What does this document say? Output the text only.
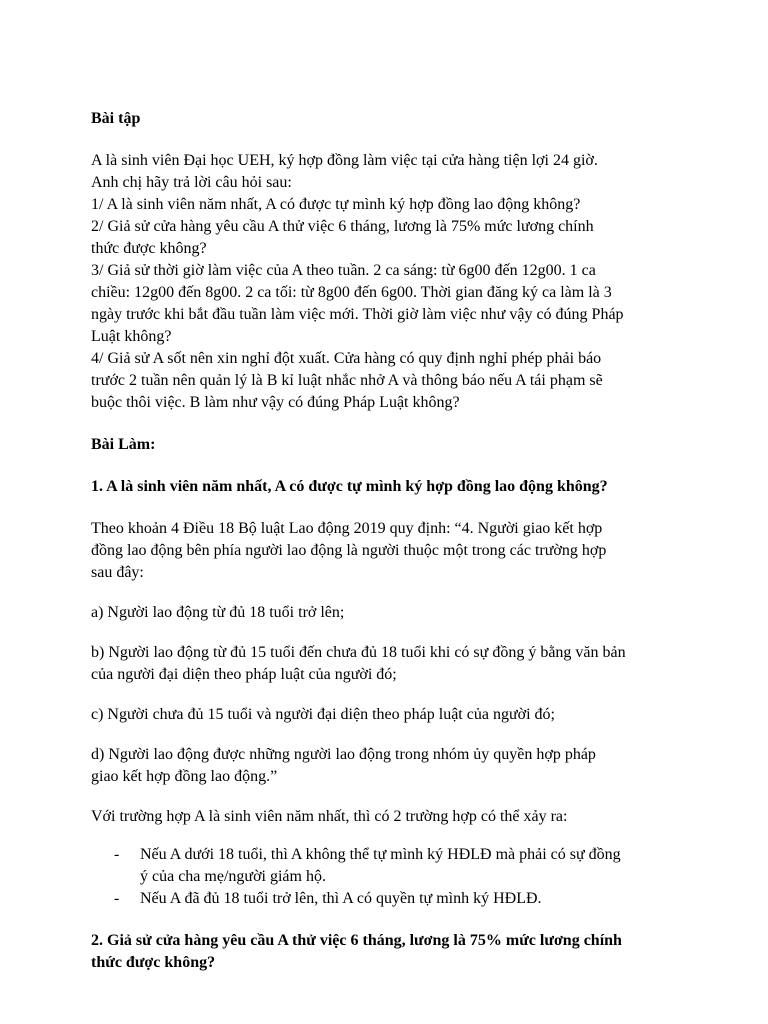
Bài tập

A là sinh viên Đại học UEH, ký hợp đồng làm việc tại cửa hàng tiện lợi 24 giờ.
Anh chị hãy trả lời câu hỏi sau:
1/ A là sinh viên năm nhất, A có được tự mình ký hợp đồng lao động không?
2/ Giả sử cửa hàng yêu cầu A thử việc 6 tháng, lương là 75% mức lương chính
thức được không?
3/ Giả sử thời giờ làm việc của A theo tuần. 2 ca sáng: từ 6g00 đến 12g00. 1 ca
chiều: 12g00 đến 8g00. 2 ca tối: từ 8g00 đến 6g00. Thời gian đăng ký ca làm là 3
ngày trước khi bắt đầu tuần làm việc mới. Thời giờ làm việc như vậy có đúng Pháp
Luật không?
4/ Giả sử A sốt nên xin nghỉ đột xuất. Cửa hàng có quy định nghỉ phép phải báo
trước 2 tuần nên quản lý là B kỉ luật nhắc nhở A và thông báo nếu A tái phạm sẽ
buộc thôi việc. B làm như vậy có đúng Pháp Luật không?

Bài Làm:

1. A là sinh viên năm nhất, A có được tự mình ký hợp đồng lao động không?

Theo khoản 4 Điều 18 Bộ luật Lao động 2019 quy định: “4. Người giao kết hợp
đồng lao động bên phía người lao động là người thuộc một trong các trường hợp
sau đây:

a) Người lao động từ đủ 18 tuổi trở lên;

b) Người lao động từ đủ 15 tuổi đến chưa đủ 18 tuổi khi có sự đồng ý bằng văn bản
của người đại diện theo pháp luật của người đó;

c) Người chưa đủ 15 tuổi và người đại diện theo pháp luật của người đó;

d) Người lao động được những người lao động trong nhóm ủy quyền hợp pháp
giao kết hợp đồng lao động.”

Với trường hợp A là sinh viên năm nhất, thì có 2 trường hợp có thể xảy ra:

-	Nếu A dưới 18 tuổi, thì A không thể tự mình ký HĐLĐ mà phải có sự đồng
ý của cha mẹ/người giám hộ.
-	Nếu A đã đủ 18 tuổi trở lên, thì A có quyền tự mình ký HĐLĐ.
2. Giả sử cửa hàng yêu cầu A thử việc 6 tháng, lương là 75% mức lương chính
thức được không?
